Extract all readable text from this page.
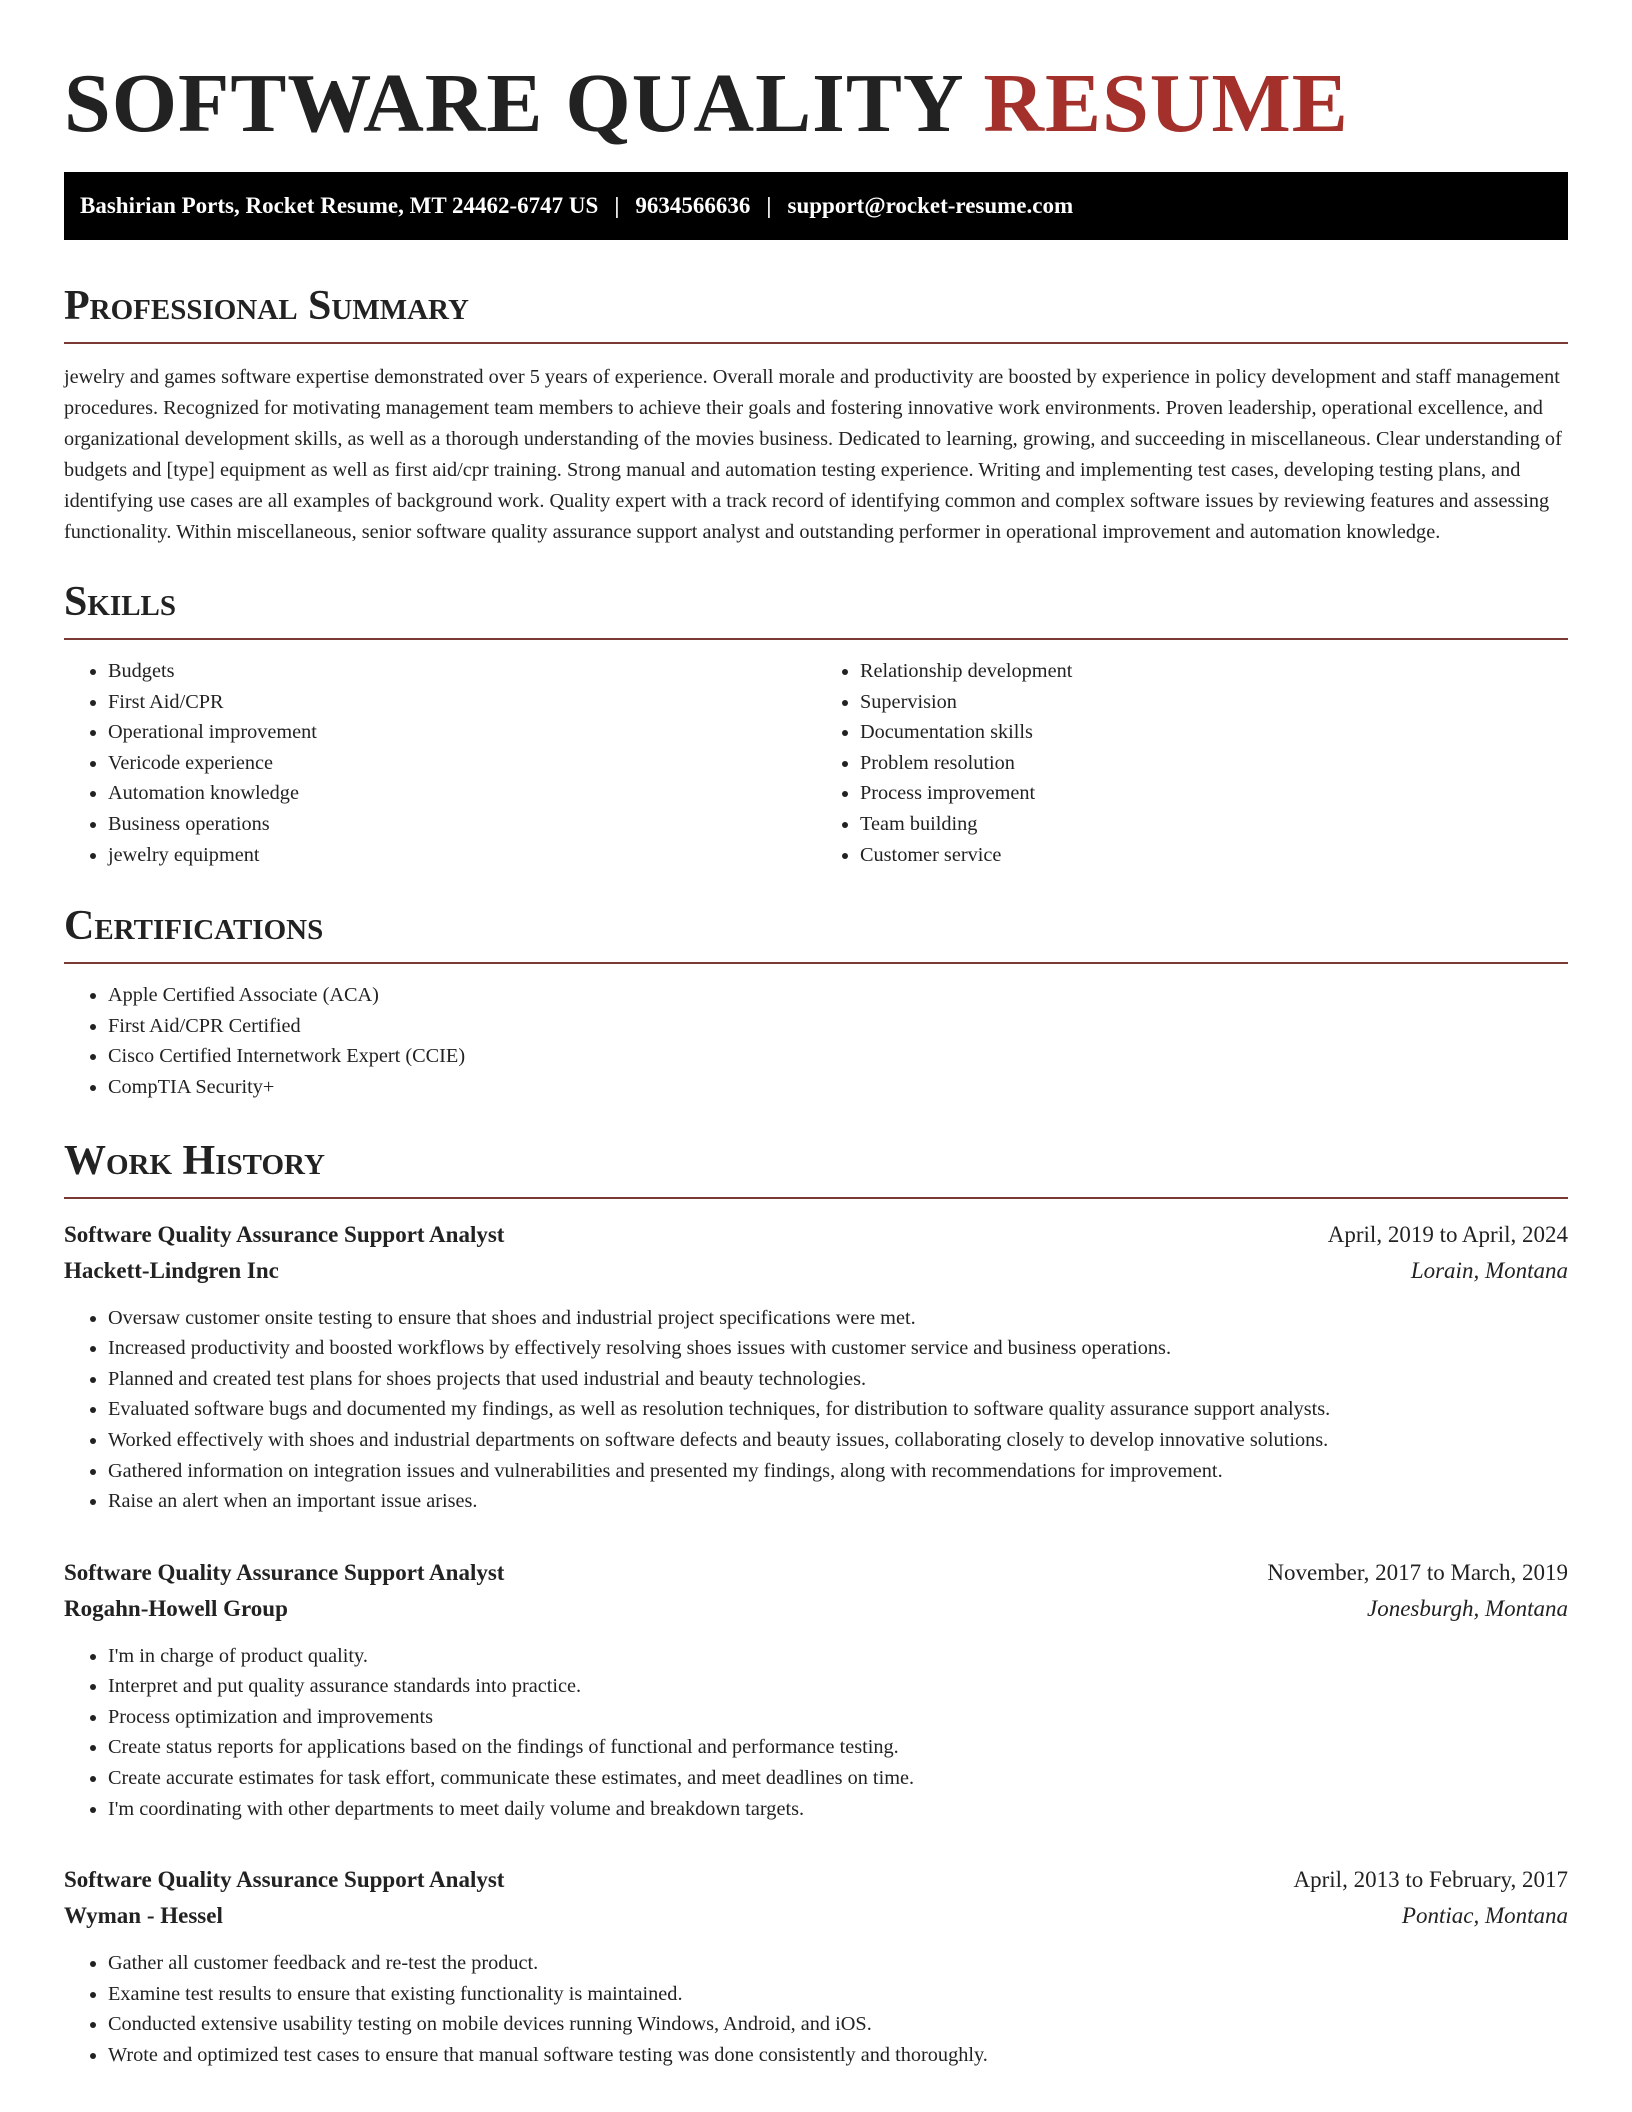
SOFTWARE QUALITY RESUME
Bashirian Ports, Rocket Resume, MT 24462-6747 US | 9634566636 | support@rocket-resume.com
Professional Summary

jewelry and games software expertise demonstrated over 5 years of experience. Overall morale and productivity are boosted by experience in policy development and staff management procedures. Recognized for motivating management team members to achieve their goals and fostering innovative work environments. Proven leadership, operational excellence, and organizational development skills, as well as a thorough understanding of the movies business. Dedicated to learning, growing, and succeeding in miscellaneous. Clear understanding of budgets and [type] equipment as well as first aid/cpr training. Strong manual and automation testing experience. Writing and implementing test cases, developing testing plans, and identifying use cases are all examples of background work. Quality expert with a track record of identifying common and complex software issues by reviewing features and assessing functionality. Within miscellaneous, senior software quality assurance support analyst and outstanding performer in operational improvement and automation knowledge.

Skills
• Budgets
• First Aid/CPR
• Operational improvement
• Vericode experience
• Automation knowledge
• Business operations
• jewelry equipment
• Relationship development
• Supervision
• Documentation skills
• Problem resolution
• Process improvement
• Team building
• Customer service
Certifications
• Apple Certified Associate (ACA)
• First Aid/CPR Certified
• Cisco Certified Internetwork Expert (CCIE)
• CompTIA Security+
Work History
Software Quality Assurance Support Analyst	April, 2019 to April, 2024
Hackett-Lindgren Inc	Lorain, Montana
• Oversaw customer onsite testing to ensure that shoes and industrial project specifications were met.
• Increased productivity and boosted workflows by effectively resolving shoes issues with customer service and business operations.
• Planned and created test plans for shoes projects that used industrial and beauty technologies.
• Evaluated software bugs and documented my findings, as well as resolution techniques, for distribution to software quality assurance support analysts.
• Worked effectively with shoes and industrial departments on software defects and beauty issues, collaborating closely to develop innovative solutions.
• Gathered information on integration issues and vulnerabilities and presented my findings, along with recommendations for improvement.
• Raise an alert when an important issue arises.
Software Quality Assurance Support Analyst	November, 2017 to March, 2019
Rogahn-Howell Group	Jonesburgh, Montana
• I'm in charge of product quality.
• Interpret and put quality assurance standards into practice.
• Process optimization and improvements
• Create status reports for applications based on the findings of functional and performance testing.
• Create accurate estimates for task effort, communicate these estimates, and meet deadlines on time.
• I'm coordinating with other departments to meet daily volume and breakdown targets.
Software Quality Assurance Support Analyst	April, 2013 to February, 2017
Wyman - Hessel	Pontiac, Montana
• Gather all customer feedback and re-test the product.
• Examine test results to ensure that existing functionality is maintained.
• Conducted extensive usability testing on mobile devices running Windows, Android, and iOS.
• Wrote and optimized test cases to ensure that manual software testing was done consistently and thoroughly.
